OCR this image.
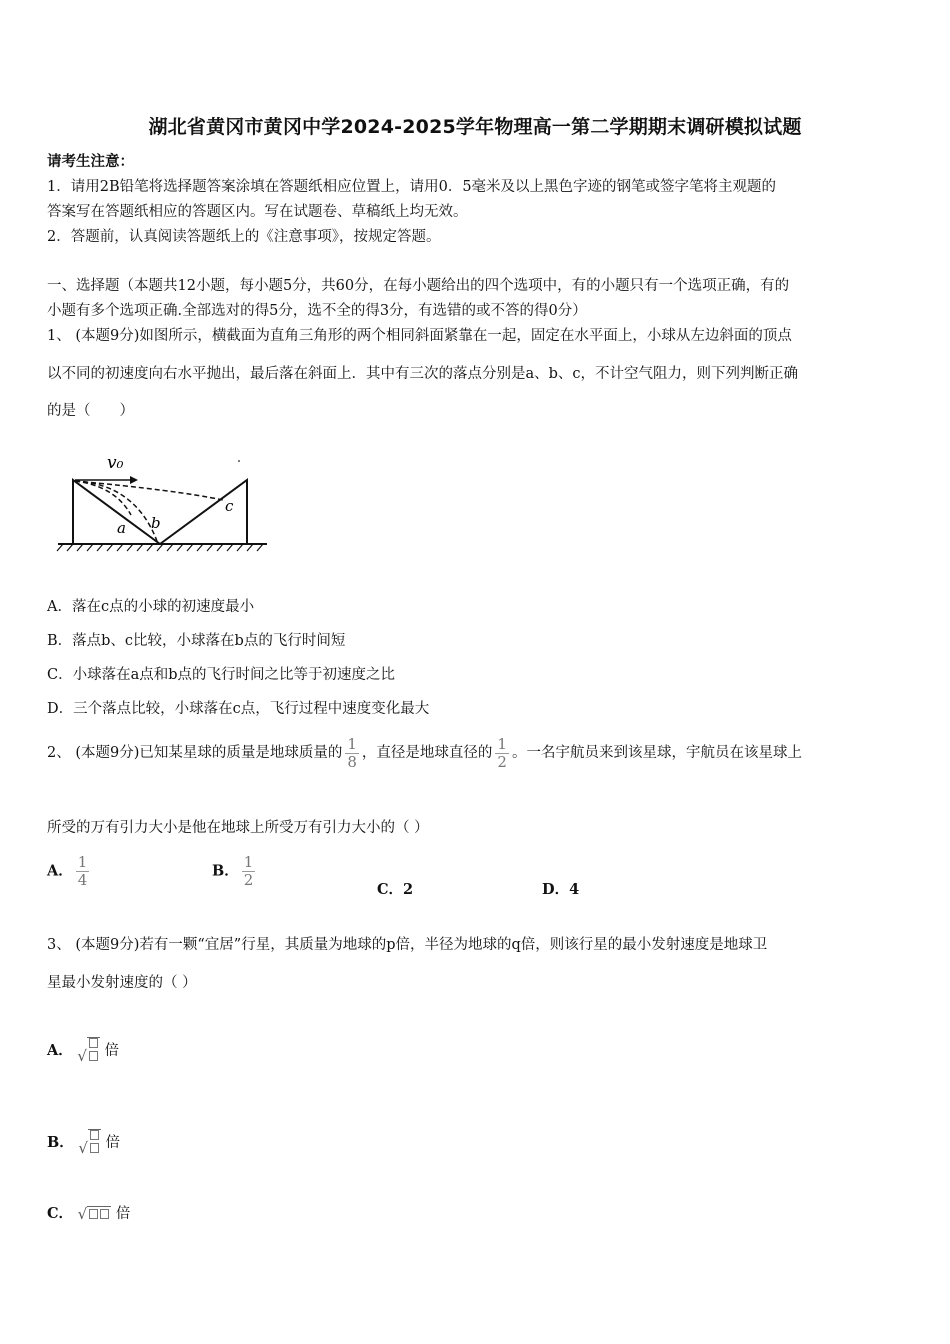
湖北省黄冈市黄冈中学2024-2025学年物理高一第二学期期末调研模拟试题
请考生注意：
1．请用2B铅笔将选择题答案涂填在答题纸相应位置上，请用0．5毫米及以上黑色字迹的钢笔或签字笔将主观题的
答案写在答题纸相应的答题区内。写在试题卷、草稿纸上均无效。
2．答题前，认真阅读答题纸上的《注意事项》，按规定答题。
一、选择题（本题共12小题，每小题5分，共60分，在每小题给出的四个选项中，有的小题只有一个选项正确，有的
小题有多个选项正确.全部选对的得5分，选不全的得3分，有选错的或不答的得0分）
1、 (本题9分)如图所示，横截面为直角三角形的两个相同斜面紧靠在一起，固定在水平面上，小球从左边斜面的顶点
以不同的初速度向右水平抛出，最后落在斜面上．其中有三次的落点分别是a、b、c，不计空气阻力，则下列判断正确
的是（　　）
v₀
a b
c
A．落在c点的小球的初速度最小
B．落点b、c比较，小球落在b点的飞行时间短
C．小球落在a点和b点的飞行时间之比等于初速度之比
D．三个落点比较，小球落在c点，飞行过程中速度变化最大
2、 (本题9分)已知某星球的质量是地球质量的 $\frac{1}{8}$ ，直径是地球直径的 $\frac{1}{2}$ 。一名宇航员来到该星球，宇航员在该星球上
所受的万有引力大小是他在地球上所受万有引力大小的（ ）
A． $\frac{1}{4}$	B． $\frac{1}{2}$
C．2	D．4
3、 (本题9分)若有一颗“宜居”行星，其质量为地球的p倍，半径为地球的q倍，则该行星的最小发射速度是地球卫
星最小发射速度的（ ）
A． √ 倍
B． √ 倍
C． √ 倍
